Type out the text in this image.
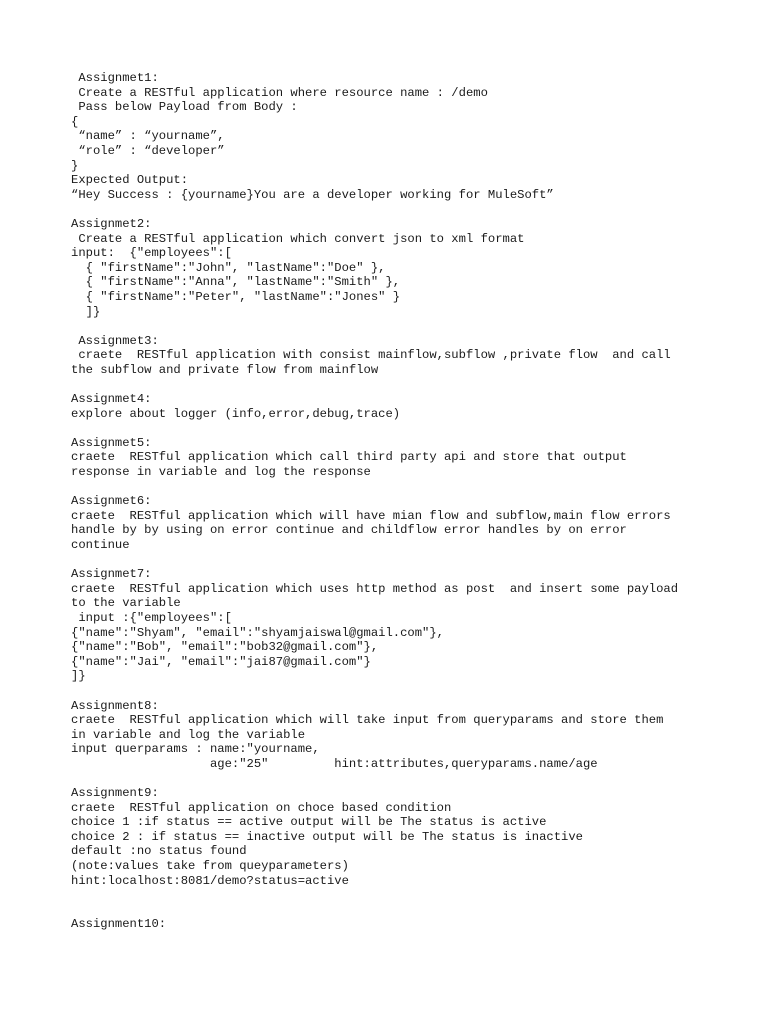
Assignmet1:
Create a RESTful application where resource name : /demo
Pass below Payload from Body :
{
“name” : “yourname”,
“role” : “developer”
}
Expected Output:
“Hey Success : {yourname}You are a developer working for MuleSoft”
Assignmet2:
Create a RESTful application which convert json to xml format
input:  {"employees":[
{ "firstName":"John", "lastName":"Doe" },
{ "firstName":"Anna", "lastName":"Smith" },
{ "firstName":"Peter", "lastName":"Jones" }
]}
Assignmet3:
craete  RESTful application with consist mainflow,subflow ,private flow  and call
the subflow and private flow from mainflow
Assignmet4:
explore about logger (info,error,debug,trace)
Assignmet5:
craete  RESTful application which call third party api and store that output
response in variable and log the response
Assignmet6:
craete  RESTful application which will have mian flow and subflow,main flow errors
handle by by using on error continue and childflow error handles by on error
continue
Assignmet7:
craete  RESTful application which uses http method as post  and insert some payload
to the variable
input :{"employees":[
{"name":"Shyam", "email":"shyamjaiswal@gmail.com"},
{"name":"Bob", "email":"bob32@gmail.com"},
{"name":"Jai", "email":"jai87@gmail.com"}
]}
Assignment8:
craete  RESTful application which will take input from queryparams and store them
in variable and log the variable
input querparams : name:"yourname,
age:"25"         hint:attributes,queryparams.name/age
Assignment9:
craete  RESTful application on choce based condition
choice 1 :if status == active output will be The status is active
choice 2 : if status == inactive output will be The status is inactive
default :no status found
(note:values take from queyparameters)
hint:localhost:8081/demo?status=active
Assignment10:
